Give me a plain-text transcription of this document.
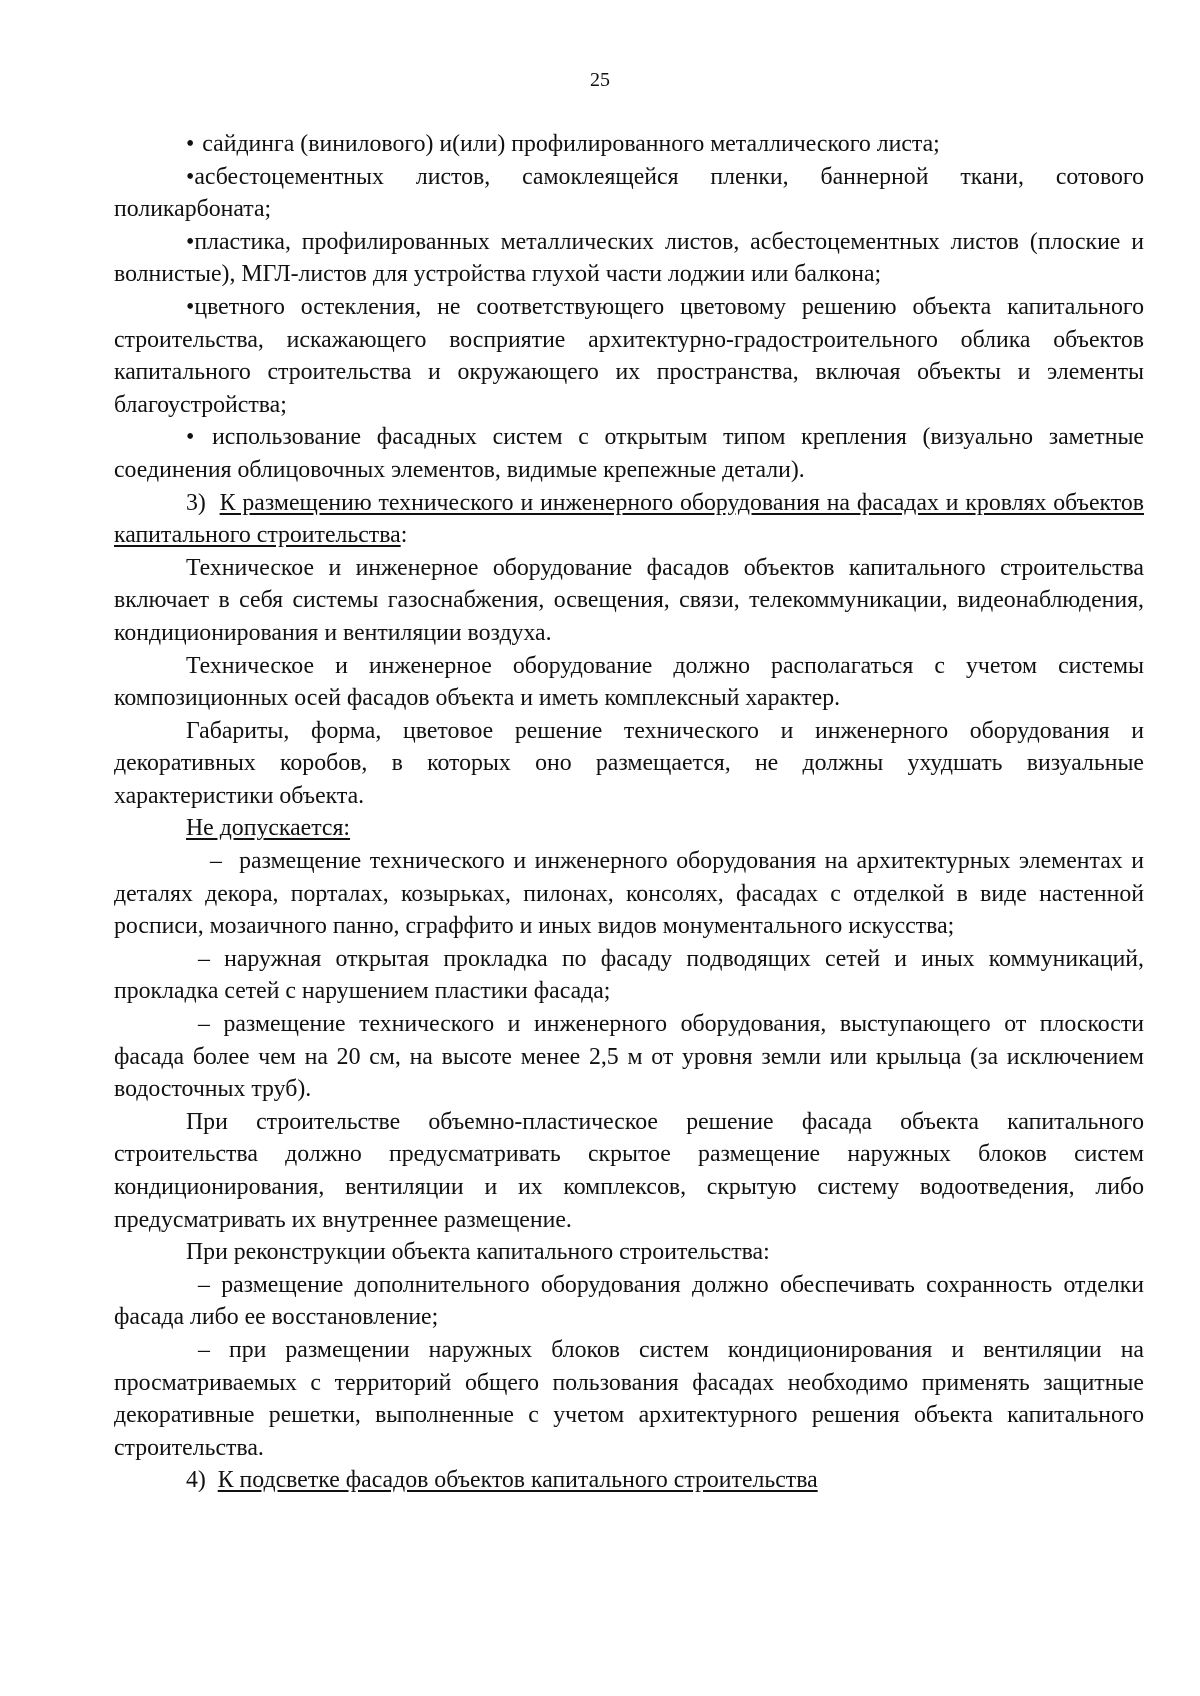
25

• сайдинга (винилового) и(или) профилированного металлического листа;

•асбестоцементных листов, самоклеящейся пленки, баннерной ткани, сотового поликарбоната;

•пластика, профилированных металлических листов, асбестоцементных листов (плоские и волнистые), МГЛ-листов для устройства глухой части лоджии или балкона;

•цветного остекления, не соответствующего цветовому решению объекта капитального строительства, искажающего восприятие архитектурно-градостроительного облика объектов капитального строительства и окружающего их пространства, включая объекты и элементы благоустройства;

• использование фасадных систем с открытым типом крепления (визуально заметные соединения облицовочных элементов, видимые крепежные детали).

3) К размещению технического и инженерного оборудования на фасадах и кровлях объектов капитального строительства:

Техническое и инженерное оборудование фасадов объектов капитального строительства включает в себя системы газоснабжения, освещения, связи, телекоммуникации, видеонаблюдения, кондиционирования и вентиляции воздуха.

Техническое и инженерное оборудование должно располагаться с учетом системы композиционных осей фасадов объекта и иметь комплексный характер.

Габариты, форма, цветовое решение технического и инженерного оборудования и декоративных коробов, в которых оно размещается, не должны ухудшать визуальные характеристики объекта.

Не допускается:

– размещение технического и инженерного оборудования на архитектурных элементах и деталях декора, порталах, козырьках, пилонах, консолях, фасадах с отделкой в виде настенной росписи, мозаичного панно, сграффито и иных видов монументального искусства;

– наружная открытая прокладка по фасаду подводящих сетей и иных коммуникаций, прокладка сетей с нарушением пластики фасада;

– размещение технического и инженерного оборудования, выступающего от плоскости фасада более чем на 20 см, на высоте менее 2,5 м от уровня земли или крыльца (за исключением водосточных труб).

При строительстве объемно-пластическое решение фасада объекта капитального строительства должно предусматривать скрытое размещение наружных блоков систем кондиционирования, вентиляции и их комплексов, скрытую систему водоотведения, либо предусматривать их внутреннее размещение.

При реконструкции объекта капитального строительства:

– размещение дополнительного оборудования должно обеспечивать сохранность отделки фасада либо ее восстановление;

– при размещении наружных блоков систем кондиционирования и вентиляции на просматриваемых с территорий общего пользования фасадах необходимо применять защитные декоративные решетки, выполненные с учетом архитектурного решения объекта капитального строительства.

4) К подсветке фасадов объектов капитального строительства
